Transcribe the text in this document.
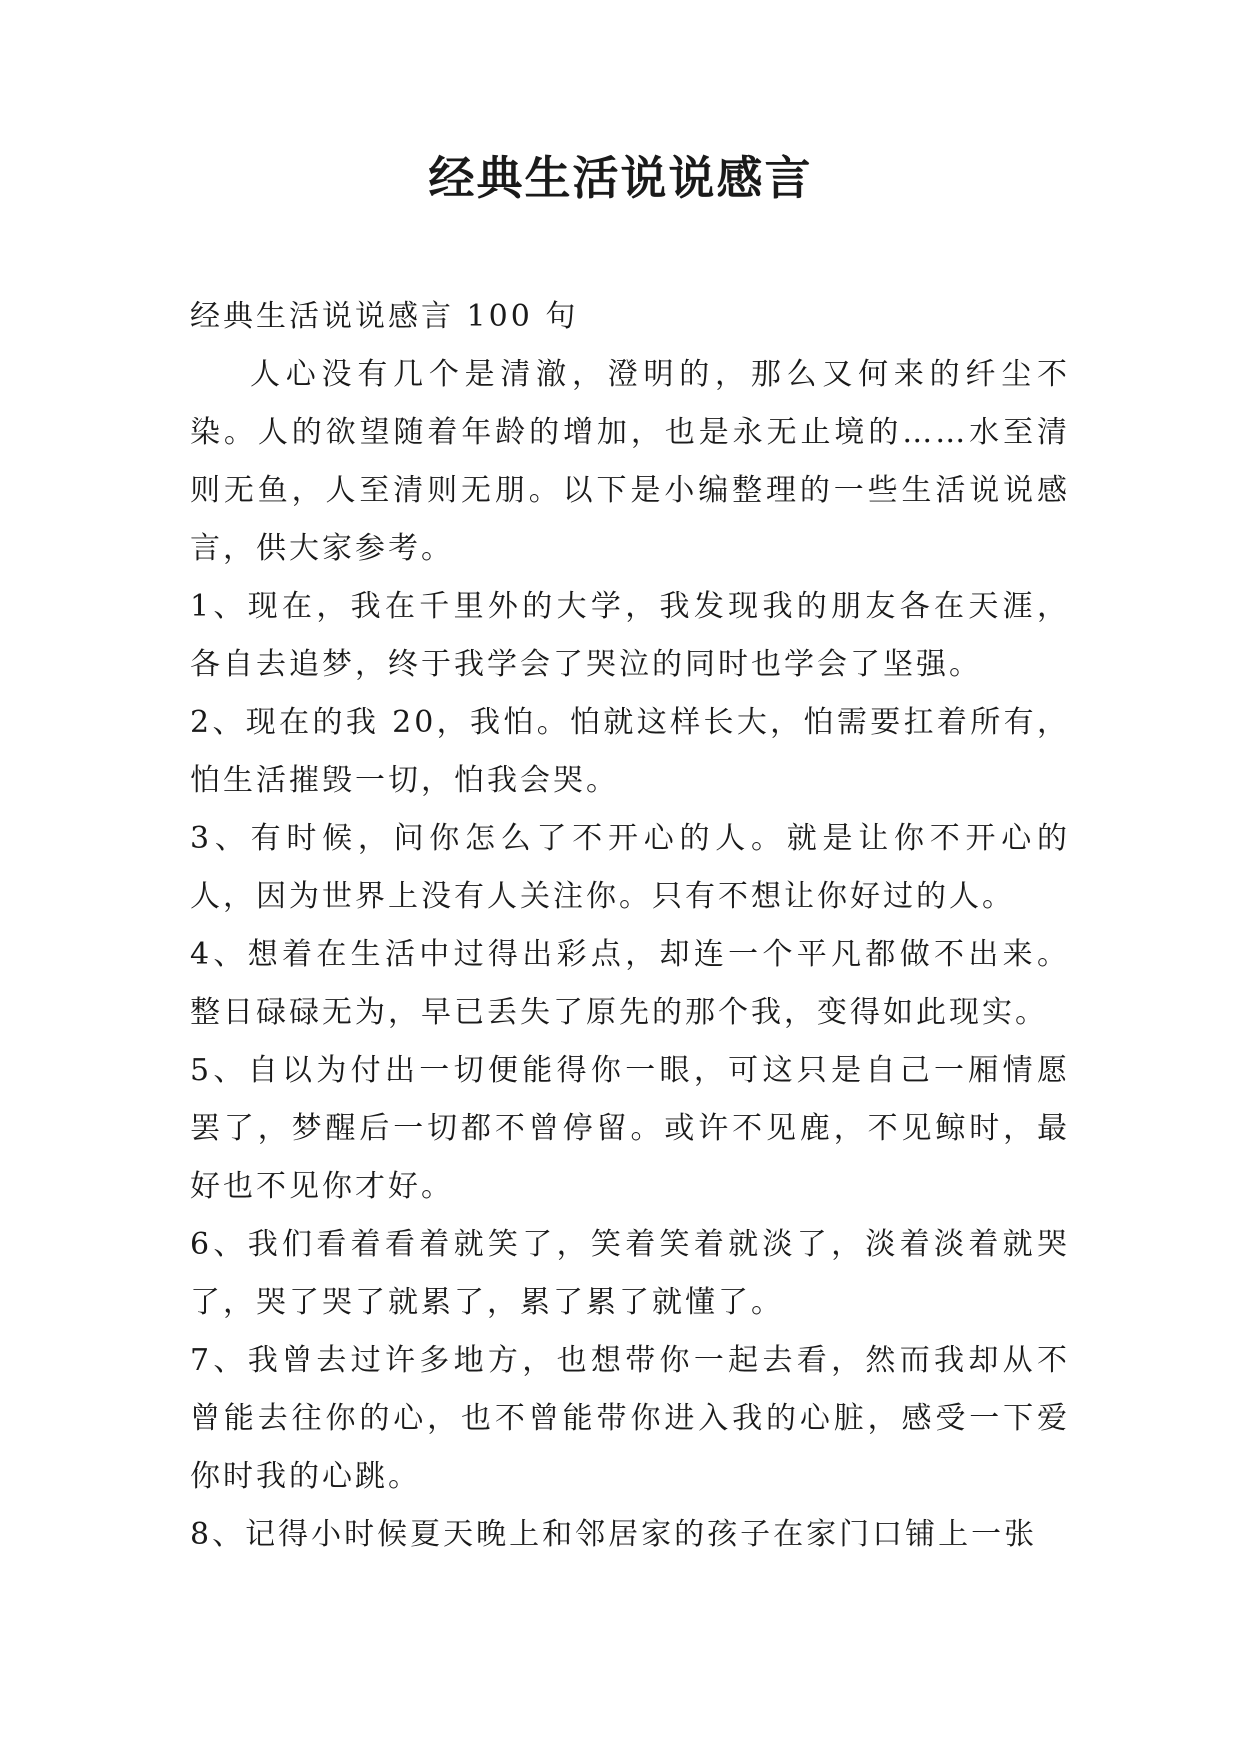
经典生活说说感言

经典生活说说感言 100 句

人心没有几个是清澈，澄明的，那么又何来的纤尘不染。人的欲望随着年龄的增加，也是永无止境的……水至清则无鱼，人至清则无朋。以下是小编整理的一些生活说说感言，供大家参考。

1、现在，我在千里外的大学，我发现我的朋友各在天涯，各自去追梦，终于我学会了哭泣的同时也学会了坚强。

2、现在的我 20，我怕。怕就这样长大，怕需要扛着所有，怕生活摧毁一切，怕我会哭。

3、有时候，问你怎么了不开心的人。就是让你不开心的人，因为世界上没有人关注你。只有不想让你好过的人。

4、想着在生活中过得出彩点，却连一个平凡都做不出来。整日碌碌无为，早已丢失了原先的那个我，变得如此现实。

5、自以为付出一切便能得你一眼，可这只是自己一厢情愿罢了，梦醒后一切都不曾停留。或许不见鹿，不见鲸时，最好也不见你才好。

6、我们看着看着就笑了，笑着笑着就淡了，淡着淡着就哭了，哭了哭了就累了，累了累了就懂了。

7、我曾去过许多地方，也想带你一起去看，然而我却从不曾能去往你的心，也不曾能带你进入我的心脏，感受一下爱你时我的心跳。

8、记得小时候夏天晚上和邻居家的孩子在家门口铺上一张
